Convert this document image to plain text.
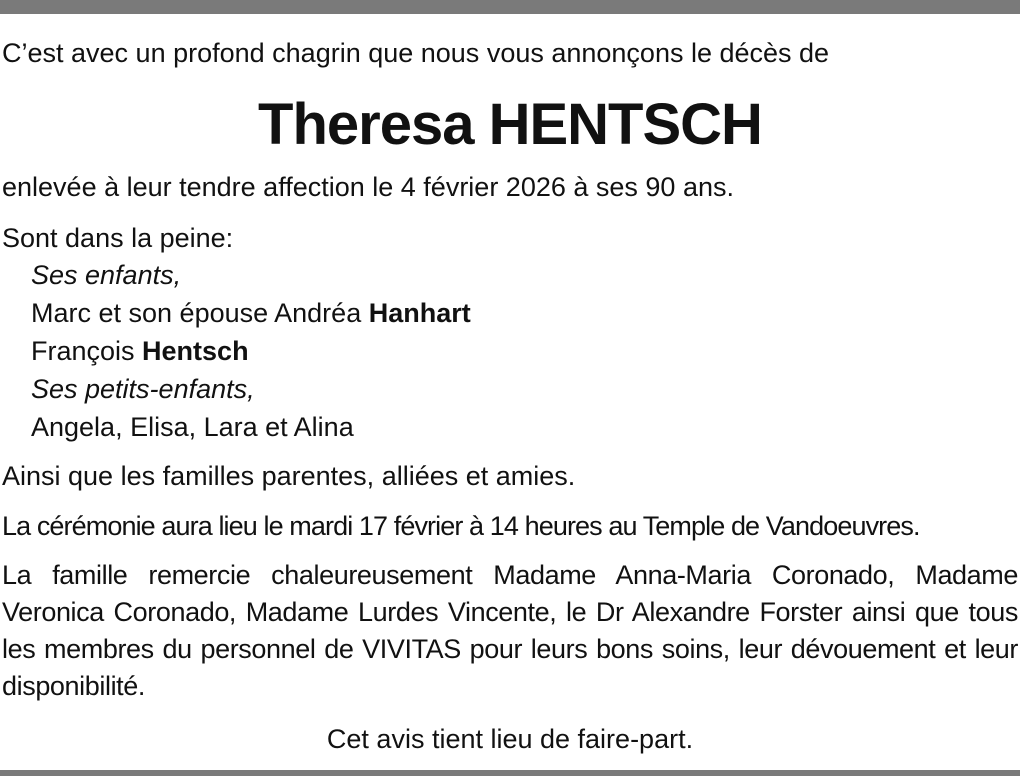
C’est avec un profond chagrin que nous vous annonçons le décès de
Theresa HENTSCH
enlevée à leur tendre affection le 4 février 2026 à ses 90 ans.
Sont dans la peine:
Ses enfants,
Marc et son épouse Andréa Hanhart
François Hentsch
Ses petits-enfants,
Angela, Elisa, Lara et Alina
Ainsi que les familles parentes, alliées et amies.
La cérémonie aura lieu le mardi 17 février à 14 heures au Temple de Vandoeuvres.
La famille remercie chaleureusement Madame Anna-Maria Coronado, Madame Veronica Coronado, Madame Lurdes Vincente, le Dr Alexandre Forster ainsi que tous les membres du personnel de VIVITAS pour leurs bons soins, leur dévouement et leur disponibilité.
Cet avis tient lieu de faire-part.
